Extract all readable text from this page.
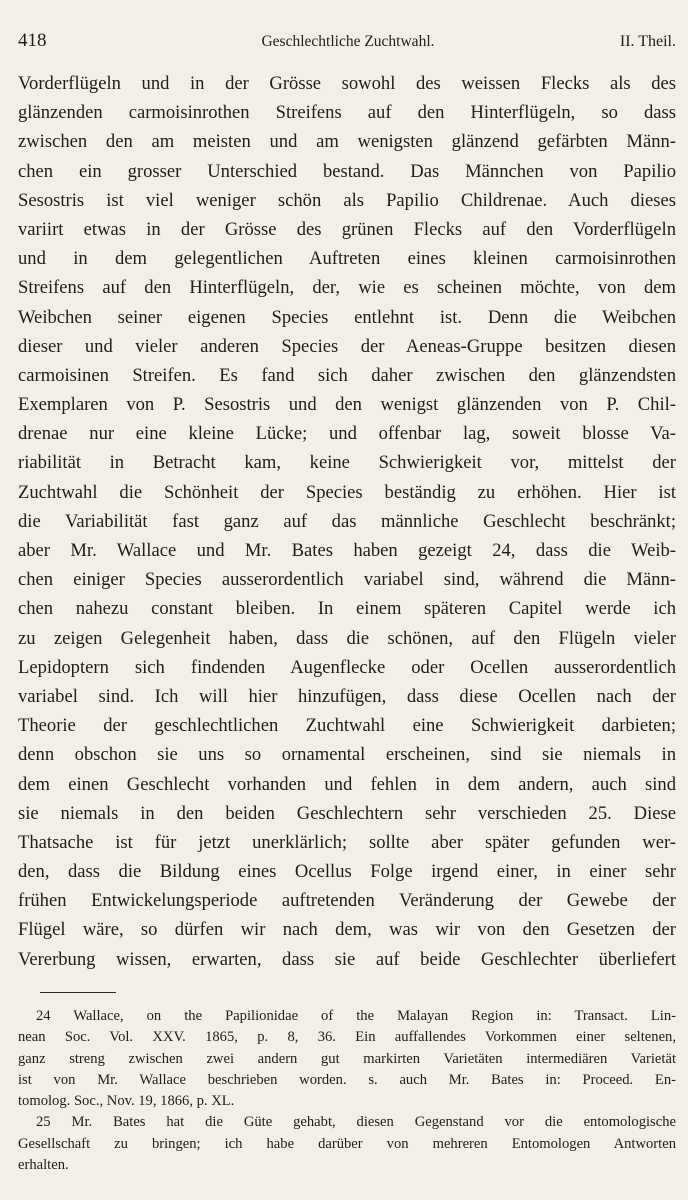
418	Geschlechtliche Zuchtwahl.	II. Theil.
Vorderflügeln und in der Grösse sowohl des weissen Flecks als des
glänzenden carmoisinrothen Streifens auf den Hinterflügeln, so dass
zwischen den am meisten und am wenigsten glänzend gefärbten Männ-
chen ein grosser Unterschied bestand. Das Männchen von Papilio
Sesostris ist viel weniger schön als Papilio Childrenae. Auch dieses
variirt etwas in der Grösse des grünen Flecks auf den Vorderflügeln
und in dem gelegentlichen Auftreten eines kleinen carmoisinrothen
Streifens auf den Hinterflügeln, der, wie es scheinen möchte, von dem
Weibchen seiner eigenen Species entlehnt ist. Denn die Weibchen
dieser und vieler anderen Species der Aeneas-Gruppe besitzen diesen
carmoisinen Streifen. Es fand sich daher zwischen den glänzendsten
Exemplaren von P. Sesostris und den wenigst glänzenden von P. Chil-
drenae nur eine kleine Lücke; und offenbar lag, soweit blosse Va-
riabilität in Betracht kam, keine Schwierigkeit vor, mittelst der
Zuchtwahl die Schönheit der Species beständig zu erhöhen. Hier ist
die Variabilität fast ganz auf das männliche Geschlecht beschränkt;
aber Mr. Wallace und Mr. Bates haben gezeigt 24, dass die Weib-
chen einiger Species ausserordentlich variabel sind, während die Männ-
chen nahezu constant bleiben. In einem späteren Capitel werde ich
zu zeigen Gelegenheit haben, dass die schönen, auf den Flügeln vieler
Lepidoptern sich findenden Augenflecke oder Ocellen ausserordentlich
variabel sind. Ich will hier hinzufügen, dass diese Ocellen nach der
Theorie der geschlechtlichen Zuchtwahl eine Schwierigkeit darbieten;
denn obschon sie uns so ornamental erscheinen, sind sie niemals in
dem einen Geschlecht vorhanden und fehlen in dem andern, auch sind
sie niemals in den beiden Geschlechtern sehr verschieden 25. Diese
Thatsache ist für jetzt unerklärlich; sollte aber später gefunden wer-
den, dass die Bildung eines Ocellus Folge irgend einer, in einer sehr
frühen Entwickelungsperiode auftretenden Veränderung der Gewebe der
Flügel wäre, so dürfen wir nach dem, was wir von den Gesetzen der
Vererbung wissen, erwarten, dass sie auf beide Geschlechter überliefert
24 Wallace, on the Papilionidae of the Malayan Region in: Transact. Lin-
nean Soc. Vol. XXV. 1865, p. 8, 36. Ein auffallendes Vorkommen einer seltenen,
ganz streng zwischen zwei andern gut markirten Varietäten intermediären Varietät
ist von Mr. Wallace beschrieben worden. s. auch Mr. Bates in: Proceed. En-
tomolog. Soc., Nov. 19, 1866, p. XL.
25 Mr. Bates hat die Güte gehabt, diesen Gegenstand vor die entomologische
Gesellschaft zu bringen; ich habe darüber von mehreren Entomologen Antworten
erhalten.
